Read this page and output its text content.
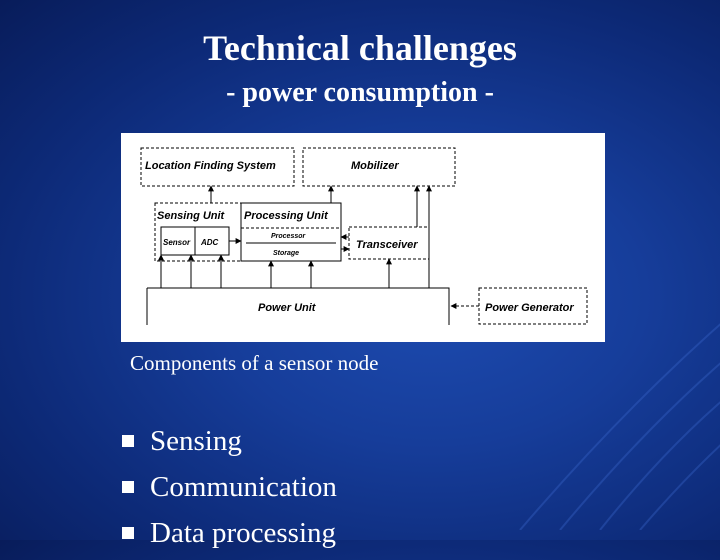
Technical challenges
- power consumption -
Location Finding System	Mobilizer
Sensing Unit Processing Unit
Sensor ADC
Processor
Storage
Transceiver
Power Unit	Power Generator
Components of a sensor node
Sensing
Communication
Data processing
